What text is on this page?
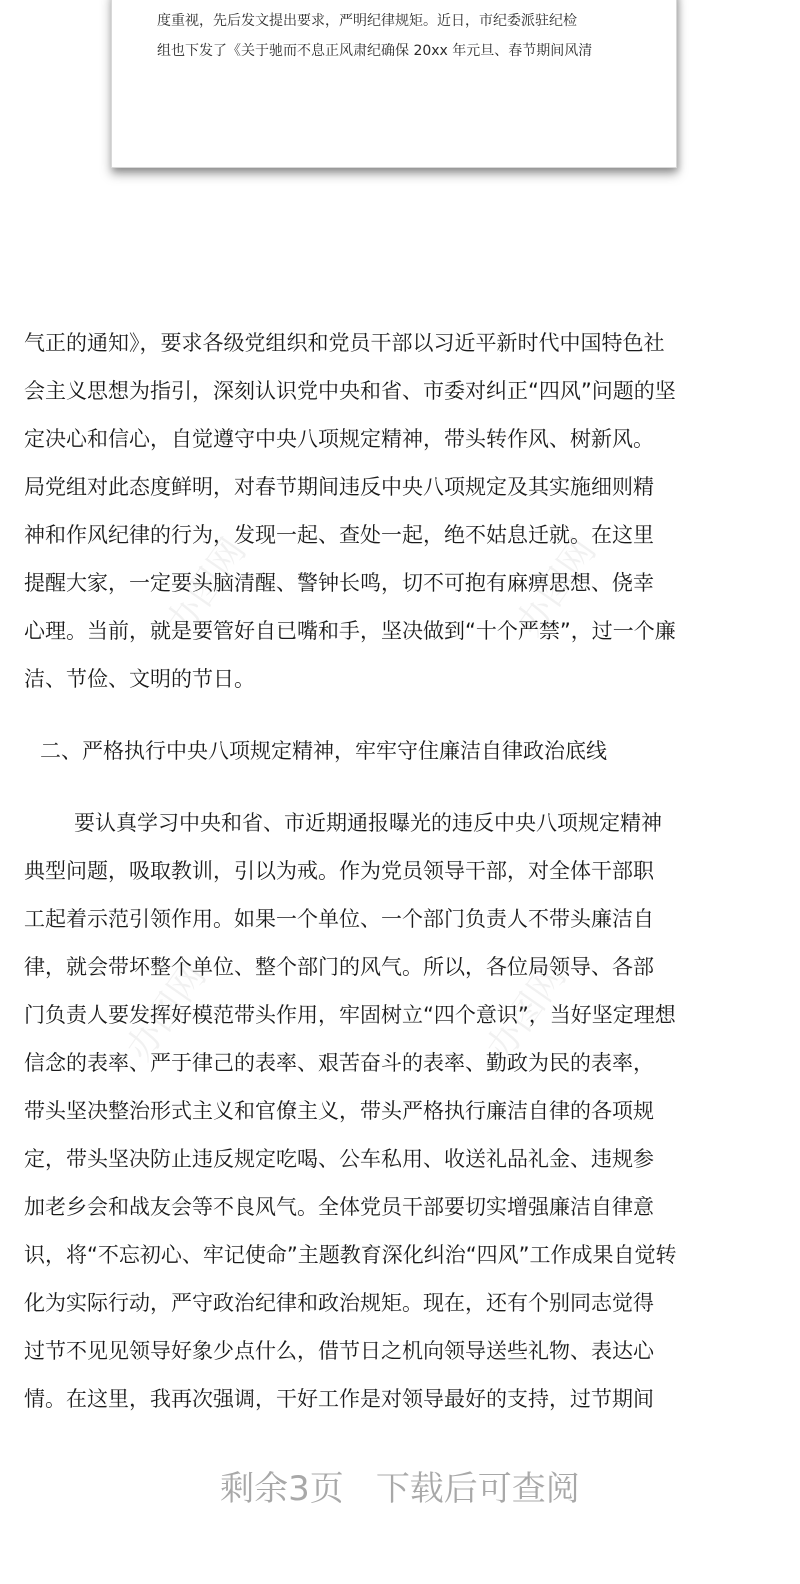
度重视，先后发文提出要求，严明纪律规矩。近日，市纪委派驻纪检
组也下发了《关于驰而不息正风肃纪确保 20xx 年元旦、春节期间风清
办图网	办图网
办图网	办图网
气正的通知》，要求各级党组织和党员干部以习近平新时代中国特色社
会主义思想为指引，深刻认识党中央和省、市委对纠正“四风”问题的坚
定决心和信心，自觉遵守中央八项规定精神，带头转作风、树新风。
局党组对此态度鲜明，对春节期间违反中央八项规定及其实施细则精
神和作风纪律的行为，发现一起、查处一起，绝不姑息迁就。在这里
提醒大家，一定要头脑清醒、警钟长鸣，切不可抱有麻痹思想、侥幸
心理。当前，就是要管好自已嘴和手，坚决做到“十个严禁”，过一个廉
洁、节俭、文明的节日。
二、严格执行中央八项规定精神，牢牢守住廉洁自律政治底线
要认真学习中央和省、市近期通报曝光的违反中央八项规定精神
典型问题，吸取教训，引以为戒。作为党员领导干部，对全体干部职
工起着示范引领作用。如果一个单位、一个部门负责人不带头廉洁自
律，就会带坏整个单位、整个部门的风气。所以，各位局领导、各部
门负责人要发挥好模范带头作用，牢固树立“四个意识”，当好坚定理想
信念的表率、严于律己的表率、艰苦奋斗的表率、勤政为民的表率，
带头坚决整治形式主义和官僚主义，带头严格执行廉洁自律的各项规
定，带头坚决防止违反规定吃喝、公车私用、收送礼品礼金、违规参
加老乡会和战友会等不良风气。全体党员干部要切实增强廉洁自律意
识，将“不忘初心、牢记使命”主题教育深化纠治“四风”工作成果自觉转
化为实际行动，严守政治纪律和政治规矩。现在，还有个别同志觉得
过节不见见领导好象少点什么，借节日之机向领导送些礼物、表达心
情。在这里，我再次强调，干好工作是对领导最好的支持，过节期间
剩余3页 下载后可查阅
